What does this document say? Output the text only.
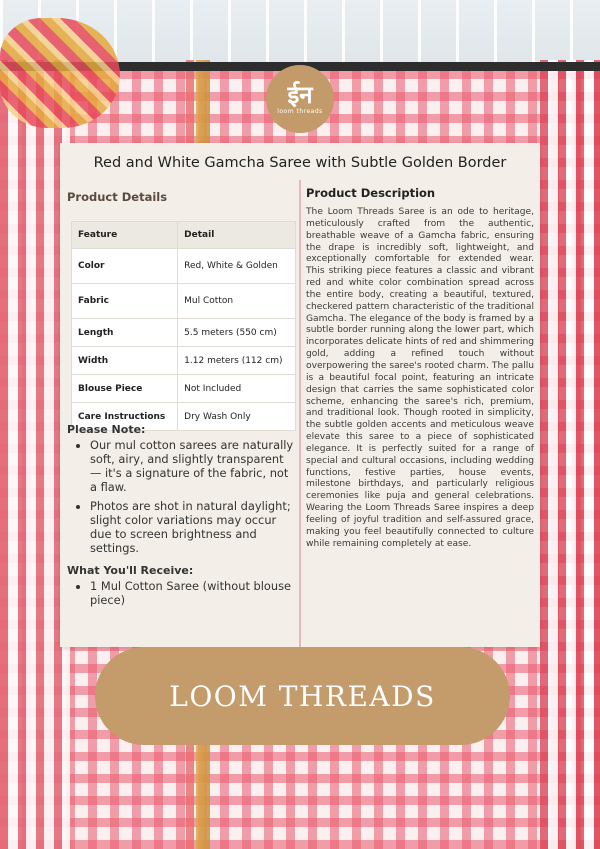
ईन
loom threads
Red and White Gamcha Saree with Subtle Golden Border
Product Details
Feature	Detail
Color	Red, White & Golden
Fabric	Mul Cotton
Length	5.5 meters (550 cm)
Width	1.12 meters (112 cm)
Blouse Piece	Not Included
Care Instructions	Dry Wash Only
Please Note:
• Our mul cotton sarees are naturally soft, airy, and slightly transparent — it's a signature of the fabric, not a flaw.
• Photos are shot in natural daylight; slight color variations may occur due to screen brightness and settings.
What You'll Receive:
• 1 Mul Cotton Saree (without blouse piece)
Product Description
The Loom Threads Saree is an ode to heritage, meticulously crafted from the authentic, breathable weave of a Gamcha fabric, ensuring the drape is incredibly soft, lightweight, and exceptionally comfortable for extended wear. This striking piece features a classic and vibrant red and white color combination spread across the entire body, creating a beautiful, textured, checkered pattern characteristic of the traditional Gamcha. The elegance of the body is framed by a subtle border running along the lower part, which incorporates delicate hints of red and shimmering gold, adding a refined touch without overpowering the saree's rooted charm. The pallu is a beautiful focal point, featuring an intricate design that carries the same sophisticated color scheme, enhancing the saree's rich, premium, and traditional look. Though rooted in simplicity, the subtle golden accents and meticulous weave elevate this saree to a piece of sophisticated elegance. It is perfectly suited for a range of special and cultural occasions, including wedding functions, festive parties, house events, milestone birthdays, and particularly religious ceremonies like puja and general celebrations. Wearing the Loom Threads Saree inspires a deep feeling of joyful tradition and self-assured grace, making you feel beautifully connected to culture while remaining completely at ease.
LOOM THREADS
